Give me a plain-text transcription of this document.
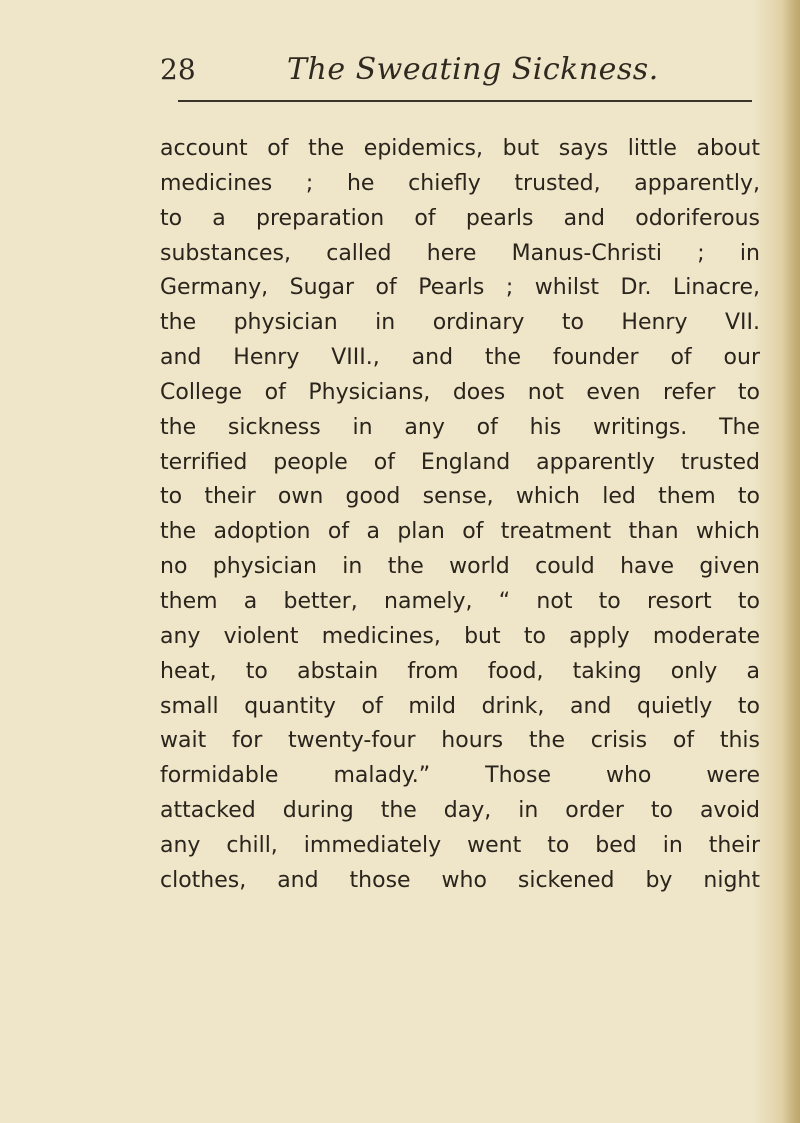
28	The Sweating Sickness.
account of the epidemics, but says little about
medicines ; he chiefly trusted, apparently,
to a preparation of pearls and odoriferous
substances, called here Manus-Christi ; in
Germany, Sugar of Pearls ; whilst Dr. Linacre,
the physician in ordinary to Henry VII.
and Henry VIII., and the founder of our
College of Physicians, does not even refer to
the sickness in any of his writings. The
terrified people of England apparently trusted
to their own good sense, which led them to
the adoption of a plan of treatment than which
no physician in the world could have given
them a better, namely, “ not to resort to
any violent medicines, but to apply moderate
heat, to abstain from food, taking only a
small quantity of mild drink, and quietly to
wait for twenty-four hours the crisis of this
formidable malady.” Those who were
attacked during the day, in order to avoid
any chill, immediately went to bed in their
clothes, and those who sickened by night
